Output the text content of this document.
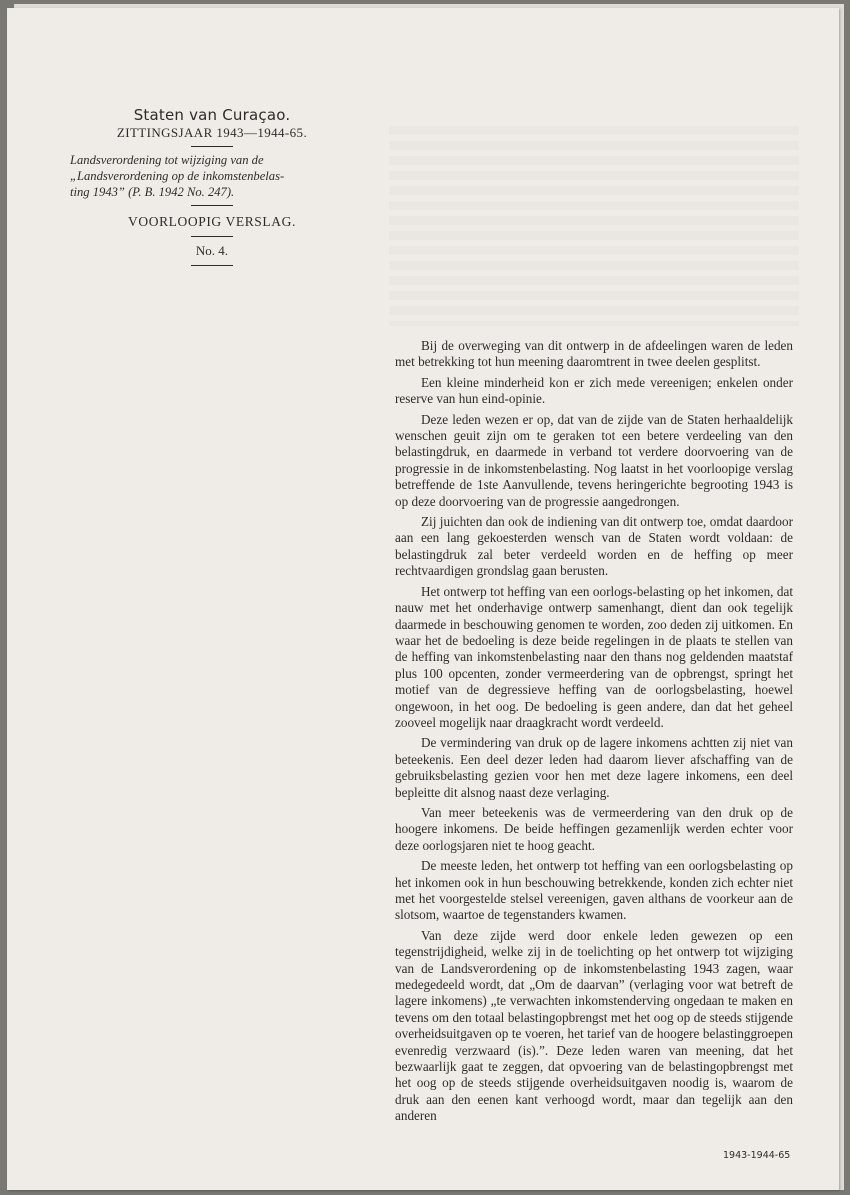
Staten van Curaçao.
ZITTINGSJAAR 1943—1944-65.
Landsverordening tot wijziging van de
„Landsverordening op de inkomstenbelas-
ting 1943” (P. B. 1942 No. 247).
VOORLOOPIG VERSLAG.
No. 4.

Bij de overweging van dit ontwerp in de afdeelingen waren de leden met betrekking tot hun meening daaromtrent in twee deelen gesplitst.

Een kleine minderheid kon er zich mede vereenigen; enkelen onder reserve van hun eind-opinie.

Deze leden wezen er op, dat van de zijde van de Staten herhaaldelijk wenschen geuit zijn om te geraken tot een betere verdeeling van den belastingdruk, en daarmede in verband tot verdere doorvoering van de progressie in de inkomstenbelasting. Nog laatst in het voorloopige verslag betreffende de 1ste Aanvullende, tevens heringerichte begrooting 1943 is op deze doorvoering van de progressie aangedrongen.

Zij juichten dan ook de indiening van dit ontwerp toe, omdat daardoor aan een lang gekoesterden wensch van de Staten wordt voldaan: de belastingdruk zal beter verdeeld worden en de heffing op meer rechtvaardigen grondslag gaan berusten.

Het ontwerp tot heffing van een oorlogs-belasting op het inkomen, dat nauw met het onderhavige ontwerp samenhangt, dient dan ook tegelijk daarmede in beschouwing genomen te worden, zoo deden zij uitkomen. En waar het de bedoeling is deze beide regelingen in de plaats te stellen van de heffing van inkomstenbelasting naar den thans nog geldenden maatstaf plus 100 opcenten, zonder vermeerdering van de opbrengst, springt het motief van de degressieve heffing van de oorlogsbelasting, hoewel ongewoon, in het oog. De bedoeling is geen andere, dan dat het geheel zooveel mogelijk naar draagkracht wordt verdeeld.

De vermindering van druk op de lagere inkomens achtten zij niet van beteekenis. Een deel dezer leden had daarom liever afschaffing van de gebruiksbelasting gezien voor hen met deze lagere inkomens, een deel bepleitte dit alsnog naast deze verlaging.

Van meer beteekenis was de vermeerdering van den druk op de hoogere inkomens. De beide heffingen gezamenlijk werden echter voor deze oorlogsjaren niet te hoog geacht.

De meeste leden, het ontwerp tot heffing van een oorlogsbelasting op het inkomen ook in hun beschouwing betrekkende, konden zich echter niet met het voorgestelde stelsel vereenigen, gaven althans de voorkeur aan de slotsom, waartoe de tegenstanders kwamen.

Van deze zijde werd door enkele leden gewezen op een tegenstrijdigheid, welke zij in de toelichting op het ontwerp tot wijziging van de Landsverordening op de inkomstenbelasting 1943 zagen, waar medegedeeld wordt, dat „Om de daarvan” (verlaging voor wat betreft de lagere inkomens) „te verwachten inkomstenderving ongedaan te maken en tevens om den totaal belastingopbrengst met het oog op de steeds stijgende overheidsuitgaven op te voeren, het tarief van de hoogere belastinggroepen evenredig verzwaard (is).”. Deze leden waren van meening, dat het bezwaarlijk gaat te zeggen, dat opvoering van de belastingopbrengst met het oog op de steeds stijgende overheidsuitgaven noodig is, waarom de druk aan den eenen kant verhoogd wordt, maar dan tegelijk aan den anderen

1943-1944-65
